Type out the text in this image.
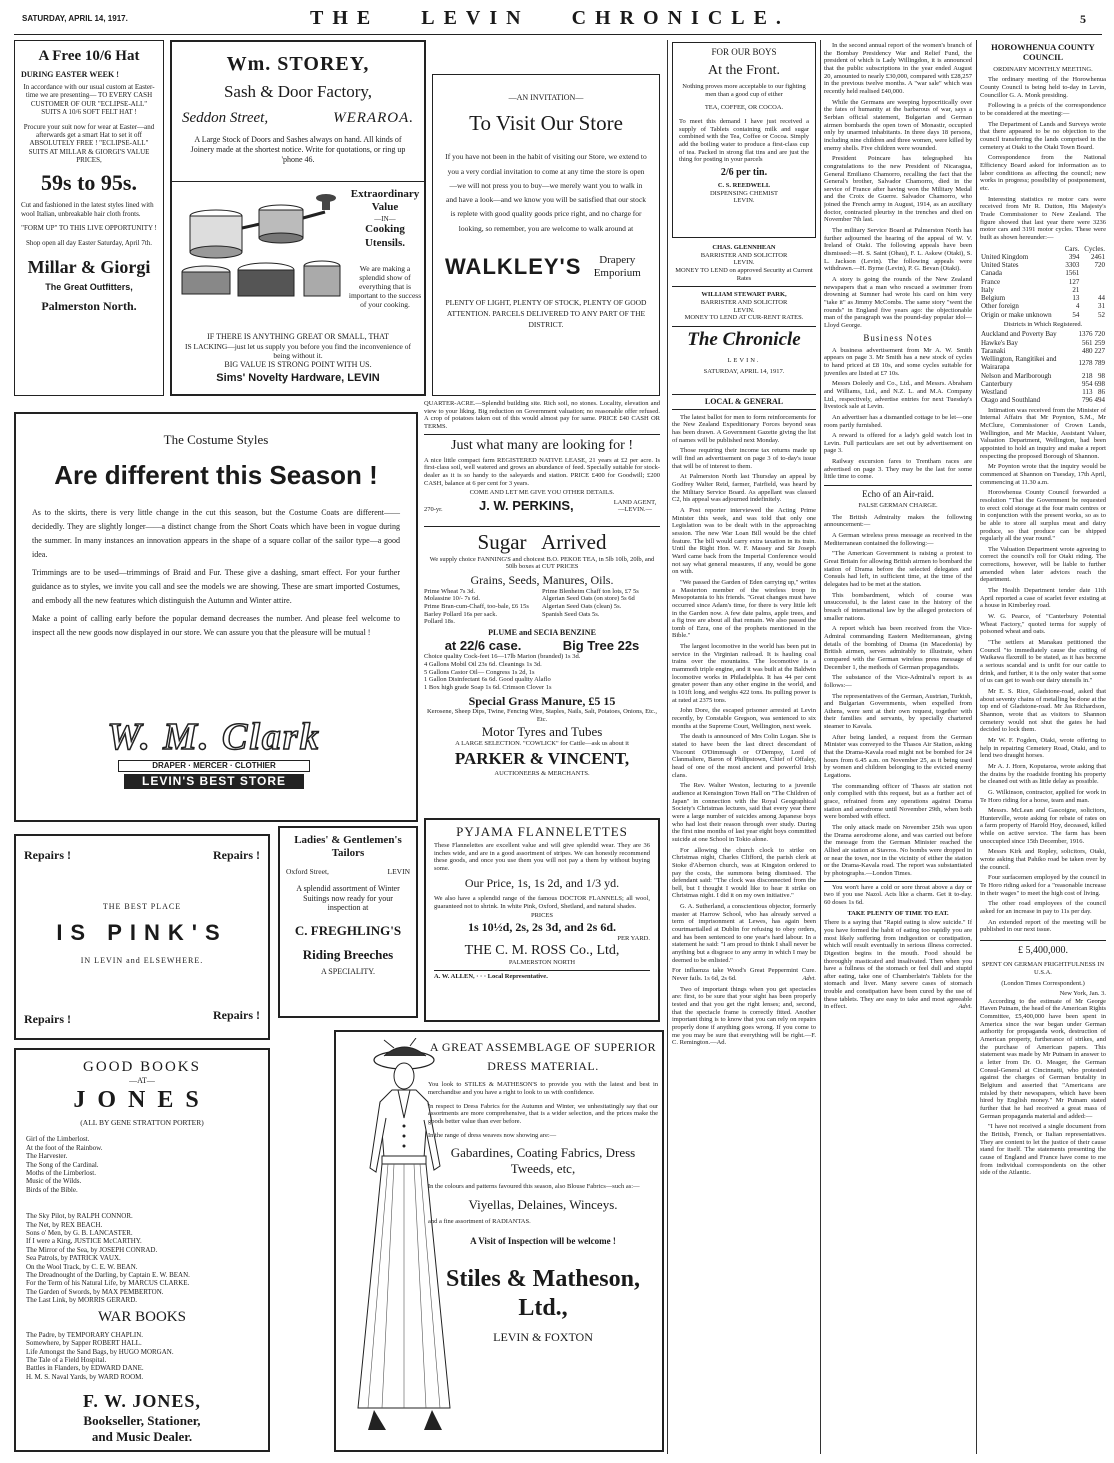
SATURDAY, APRIL 14, 1917.	THE   LEVIN   CHRONICLE.	5
A Free 10/6 Hat
DURING EASTER WEEK !
In accordance with our usual custom at Easter-time we are presenting— TO EVERY CASH CUSTOMER OF OUR "ECLIPSE-ALL" SUITS A 10/6 SOFT FELT HAT !
Procure your suit now for wear at Easter—and afterwards get a smart Hat to set it off ABSOLUTELY FREE ! "ECLIPSE-ALL" SUITS AT MILLAR & GIORGI'S VALUE PRICES,
59s to 95s.
Cut and fashioned in the latest styles lined with wool Italian, unbreakable hair cloth fronts.
"FORM UP" TO THIS LIVE OPPORTUNITY !
Shop open all day Easter Saturday, April 7th.
Millar & Giorgi
The Great Outfitters,
Palmerston North.
Wm. STOREY,
Sash & Door Factory,
Seddon Street,	WERAROA.
A Large Stock of Doors and Sashes always on hand. All kinds of Joinery made at the shortest notice. Write for quotations, or ring up 'phone 46.
Extraordinary
Value
—IN—
Cooking
Utensils.
We are making a splendid show of everything that is important to the success of your cooking.
IF THERE IS ANYTHING GREAT OR SMALL, THAT
IS LACKING—just let us supply you before you find the inconvenience of being without it.
BIG VALUE IS STRONG POINT WITH US.
Sims' Novelty Hardware, LEVIN
—AN INVITATION—
To Visit Our Store
If you have not been in the habit of visiting our Store, we extend to you a very cordial invitation to come at any time the store is open—we will not press you to buy—we merely want you to walk in and have a look—and we know you will be satisfied that our stock is replete with good quality goods price right, and no charge for looking, so remember, you are welcome to walk around at
WALKLEY'S	Drapery Emporium
PLENTY OF LIGHT, PLENTY OF STOCK, PLENTY OF GOOD ATTENTION. PARCELS DELIVERED TO ANY PART OF THE DISTRICT.
The Costume Styles
Are different this Season !

As to the skirts, there is very little change in the cut this season, but the Costume Coats are different——decidedly. They are slightly longer——a distinct change from the Short Coats which have been in vogue during the summer. In many instances an innovation appears in the shape of a square collar of the sailor type—a good idea.

Trimmings are to be used—trimmings of Braid and Fur. These give a dashing, smart effect. For your further guidance as to styles, we invite you call and see the models we are showing. These are smart imported Costumes, and embody all the new features which distinguish the Autumn and Winter attire.

Make a point of calling early before the popular demand decreases the number. And please feel welcome to inspect all the new goods now displayed in our store. We can assure you that the pleasure will be mutual !

W. M. Clark
DRAPER · MERCER · CLOTHIER
LEVIN'S BEST STORE
QUARTER-ACRE.—Splendid building site. Rich soil, no stones. Locality, elevation and view to your liking. Big reduction on Government valuation; no reasonable offer refused. A crop of potatoes taken out of this would almost pay for same. PRICE £40 CASH OR TERMS.
Just what many are looking for !
A nice little compact farm REGISTERED NATIVE LEASE, 21 years at £2 per acre. Is first-class soil, well watered and grows an abundance of feed. Specially suitable for stock-dealer as it is so handy to the saleyards and station. PRICE £400 for Goodwill; £200 CASH, balance at 6 per cent for 3 years.
COME AND LET ME GIVE YOU OTHER DETAILS.
270-yr.	J. W. PERKINS,	LAND AGENT, —LEVIN.—
Sugar   Arrived
We supply choice FANNING'S and choicest B.O. PEKOE TEA, in 5lb 10lb, 20lb, and 50lb boxes at CUT PRICES
Grains, Seeds, Manures, Oils.
Prime Wheat 7s 3d.
Molassine 10/- 7s 6d.
Prime Bran-cum-Chaff, too-bale, £6 15s
Barley Pollard 16s per sack.
Pollard 18s.
Prime Blenheim Chaff ton lots, £7 5s
Algerian Seed Oats (on store) 5s 6d
Algerian Seed Oats (clean) 5s.
Spanish Seed Oats 5s.
PLUME and SECIA BENZINE
at 22/6 case.	Big Tree 22s
Choice quality Cock-feet 16—17lb Marion (branded) 1s 3d.
4 Gallons Mobil Oil 23s 6d. Cleanings 1s 3d.
5 Gallons Castor Oil— Congress 1s 2d, 1s
1 Gallon Disinfectant 6s 6d. Good quality Alaflo
1 Box high grade Soap 1s 6d. Crimson Clover 1s
Special Grass Manure, £5 15
Kerosene, Sheep Dips, Twine, Fencing Wire, Staples, Nails, Salt, Potatoes, Onions, Etc., Etc.
Motor Tyres and Tubes
A LARGE SELECTION. "COWLICK" for Cattle—ask us about it
PARKER & VINCENT,
AUCTIONEERS & MERCHANTS.
PYJAMA FLANNELETTES
These Flannelettes are excellent value and will give splendid wear. They are 36 inches wide, and are in a good assortment of stripes. We can honestly recommend these goods, and once you use them you will not pay a them by without buying some.
Our Price, 1s, 1s 2d, and 1/3 yd.
We also have a splendid range of the famous DOCTOR FLANNELS; all wool, guaranteed not to shrink. In white Pink, Oxford, Shetland, and natural shades.
PRICES
1s 10½d, 2s, 2s 3d, and 2s 6d.
PER YARD.
THE C. M. ROSS Co., Ltd,
PALMERSTON NORTH
A. W. ALLEN, · · · Local Representative.
Repairs !	Repairs !
THE BEST PLACE
IS PINK'S
IN LEVIN and ELSEWHERE.
Repairs !	Repairs !
Ladies' & Gentlemen's Tailors
Oxford Street,	LEVIN
A splendid assortment of Winter Suitings now ready for your inspection at
C. FREGHLING'S
Riding Breeches
A SPECIALITY.
GOOD BOOKS
—AT—
JONES
(ALL BY GENE STRATTON PORTER)
Girl of the Limberlost.
At the foot of the Rainbow.
The Harvester.
The Song of the Cardinal.
Moths of the Limberlost.
Music of the Wilds.
Birds of the Bible.
The Sky Pilot, by RALPH CONNOR.
The Net, by REX BEACH.
Sons o' Men, by G. B. LANCASTER.
If I were a King, JUSTICE McCARTHY.
The Mirror of the Sea, by JOSEPH CONRAD.
Sea Patrols, by PATRICK VAUX.
On the Wool Track, by C. E. W. BEAN.
The Dreadnought of the Darling, by Captain E. W. BEAN.
For the Term of his Natural Life, by MARCUS CLARKE.
The Garden of Swords, by MAX PEMBERTON.
The Last Link, by MORRIS GERARD.
WAR BOOKS
The Padre, by TEMPORARY CHAPLIN.
Somewhere, by Sapper ROBERT HALL.
Life Amongst the Sand Bags, by HUGO MORGAN.
The Tale of a Field Hospital.
Battles in Flanders, by EDWARD DANE.
H. M. S. Naval Yards, by WARD ROOM.
F. W. JONES,
Bookseller, Stationer,
and Music Dealer.
A GREAT ASSEMBLAGE OF SUPERIOR
DRESS MATERIAL.
You look to STILES & MATHESON'S to provide you with the latest and best in merchandise and you have a right to look to us with confidence.
In respect to Dress Fabrics for the Autumn and Winter, we unhesitatingly say that our assortments are more comprehensive, that is a wider selection, and the prices make the goods better value than ever before.
In the range of dress weaves now showing are:—
Gabardines, Coating Fabrics, Dress Tweeds, etc,
In the colours and patterns favoured this season, also Blouse Fabrics—such as:—
Viyellas, Delaines, Winceys.
and a fine assortment of RADIANTAS.
A Visit of Inspection will be welcome !
Stiles & Matheson,
Ltd.,
LEVIN & FOXTON
FOR OUR BOYS
At the Front.
Nothing proves more acceptable to our fighting men than a good cup of either
TEA, COFFEE, OR COCOA.
To meet this demand I have just received a supply of Tablets containing milk and sugar combined with the Tea, Coffee or Cocoa. Simply add the boiling water to produce a first-class cup of tea. Packed in strong flat tins and are just the thing for posting in your parcels
2/6 per tin.
C. S. REEDWELL
DISPENSING CHEMIST
LEVIN.
CHAS. GLENNHEAN
BARRISTER AND SOLICITOR
LEVIN.
MONEY TO LEND on approved Security at Current Rates
WILLIAM STEWART PARK,
BARRISTER AND SOLICITOR
LEVIN.
MONEY TO LEND AT CUR-RENT RATES.
The Chronicle
LEVIN.
SATURDAY, APRIL 14, 1917.
LOCAL & GENERAL

The latest ballot for men to form reinforcements for the New Zealand Expeditionary Forces beyond seas has been drawn. A Government Gazette giving the list of names will be published next Monday.

Those requiring their income tax returns made up will find an advertisement on page 3 of to-day's issue that will be of interest to them.

At Palmerston North last Thursday an appeal by Godfrey Walter Reid, farmer, Fairfield, was heard by the Military Service Board. As appellant was classed C2, his appeal was adjourned indefinitely.

A Post reporter interviewed the Acting Prime Minister this week, and was told that only one Legislation was to be dealt with in the approaching session. The new War Loan Bill would be the chief feature. The bill would carry extra taxation in its train. Until the Right Hon. W. F. Massey and Sir Joseph Ward came back from the Imperial Conference would not say what general measures, if any, would be gone on with.

"We passed the Garden of Eden carrying up," writes a Masterton member of the wireless troop in Mesopotamia to his friends. "Great changes must have occurred since Adam's time, for there is very little left in the Garden now. A few date palms, apple trees, and a fig tree are about all that remain. We also passed the tomb of Ezra, one of the prophets mentioned in the Bible."

The largest locomotive in the world has been put in service in the Virginian railroad. It is hauling coal trains over the mountains. The locomotive is a mammoth triple engine, and it was built at the Baldwin locomotive works in Philadelphia. It has 44 per cent greater power than any other engine in the world, and is 101ft long, and weighs 422 tons. Its pulling power is at rated at 2375 tons.

John Dore, the escaped prisoner arrested at Levin recently, by Constable Gregson, was sentenced to six months at the Supreme Court, Wellington, next week.

The death is announced of Mrs Colin Logan. She is stated to have been the last direct descendant of Viscount O'Dimmsagh or O'Dempsy, Lord of Clanmaliere, Baron of Philipstown, Chief of Offaley, head of one of the most ancient and powerful Irish clans.

The Rev. Walter Weston, lecturing to a juvenile audience at Kensington Town Hall on "The Children of Japan" in connection with the Royal Geographical Society's Christmas lectures, said that every year there were a large number of suicides among Japanese boys who had lost their reason through over study. During the first nine months of last year eight boys committed suicide at one School in Tokio alone.

For allowing the church clock to strike on Christmas night, Charles Clifford, the parish clerk at Stoke d'Abernon church, was at Kingston ordered to pay the costs, the summons being dismissed. The defendant said: "The clock was disconnected from the bell, but I thought I would like to hear it strike on Christmas night. I did it on my own initiative."

G. A. Sutherland, a conscientious objector, formerly master at Harrow School, who has already served a term of imprisonment at Lewes, has again been courtmartialled at Dublin for refusing to obey orders, and has been sentenced to one year's hard labour. In a statement he said: "I am proud to think I shall never be anything but a disgrace to any army in which I may be deemed to be enlisted."

For influenza take Wood's Great Peppermint Cure. Never fails. 1s 6d, 2s 6d.	Advt.

Two of important things when you get spectacles are: first, to be sure that your sight has been properly tested and that you get the right lenses; and, second, that the spectacle frame is correctly fitted. Another important thing is to know that you can rely on repairs properly done if anything goes wrong. If you come to me you may be sure that everything will be right.—F. C. Remington.—Ad.

In the second annual report of the women's branch of the Bombay Presidency War and Relief Fund, the president of which is Lady Willingdon, it is announced that the public subscriptions in the year ended August 20, amounted to nearly £30,000, compared with £28,257 in the previous twelve months. A "war sale" which was recently held realised £40,000.

While the Germans are weeping hypocritically over the fates of humanity at the barbarous of war, says a Serbian official statement, Bulgarian and German airmen bombards the open town of Monastir, occupied only by unarmed inhabitants. In three days 18 persons, including nine children and three women, were killed by enemy shells. Five children were wounded.

President Poincare has telegraphed his congratulations to the new President of Nicaragua, General Emiliano Chamorro, recalling the fact that the General's brother, Salvador Chamorro, died in the service of France after having won the Military Medal and the Croix de Guerre. Salvador Chamorro, who joined the French army in August, 1914, as an auxiliary doctor, contracted pleurisy in the trenches and died on November 7th last.

The military Service Board at Palmerston North has further adjourned the hearing of the appeal of W. V. Ireland of Otaki. The following appeals have been dismissed:—H. S. Saint (Ohau), F. L. Askew (Otaki), S. L. Jackson (Levin). The following appeals were withdrawn.—H. Byrne (Levin), P. G. Bevan (Otaki).

A story is going the rounds of the New Zealand newspapers that a man who rescued a swimmer from drowning at Sumner had wrote his card on him very "take it" as Jimmy McCombs. The same story "went the rounds" in England five years ago: the objectionable man of the paragraph was the pound-day popular idol—Lloyd George.

Business Notes

A business advertisement from Mr A. W. Smith appears on page 3. Mr Smith has a new stock of cycles to hand priced at £8 10s, and some cycles suitable for juveniles are listed at £7 10s.

Messrs Doleely and Co., Ltd., and Messrs. Abraham and Williams, Ltd., and N.Z. L. and M.A. Company Ltd., respectively, advertise entries for next Tuesday's livestock sale at Levin.

An advertiser has a dismantled cottage to be let—one room partly furnished.

A reward is offered for a lady's gold watch lost in Levin. Full particulars are set out by advertisement on page 3.

Railway excursion fares to Trentham races are advertised on page 3. They may be the last for some little time to come.

Echo of an Air-raid.
FALSE GERMAN CHARGE.

The British Admiralty makes the following announcement:—

A German wireless press message as received in the Mediterranean contained the following:—

"The American Government is raising a protest to Great Britain for allowing British airmen to bombard the station of Drama before the selected delegates and Consuls had left, in sufficient time, at the time of the delegates had to be met at the station.

This bombardment, which of course was unsuccessful, is the latest case in the history of the breach of international law by the alleged protectors of smaller nations.

A report which has been received from the Vice-Admiral commanding Eastern Mediterranean, giving details of the bombing of Drama (in Macedonia) by British airmen, serves admirably to illustrate, when compared with the German wireless press message of December 1, the methods of German propagandists.

The substance of the Vice-Admiral's report is as follows:—

The representatives of the German, Austrian, Turkish, and Bulgarian Governments, when expelled from Athens, were sent at their own request, together with their families and servants, by specially chartered steamer to Kavala.

After being landed, a request from the German Minister was conveyed to the Thasos Air Station, asking that the Drama-Kavala road might not be bombed for 24 hours from 6.45 a.m. on November 25, as it being used by women and children belonging to the evicted enemy Legations.

The commanding officer of Thasos air station not only complied with this request, but as a further act of grace, refrained from any operations against Drama station and aerodrome until November 29th, when both were bombed with effect.

The only attack made on November 25th was upon the Drama aerodrome alone, and was carried out before the message from the German Minister reached the Allied air station at Stavros. No bombs were dropped in or near the town, nor in the vicinity of either the station or the Drama-Kavala road. The report was substantiated by photographs.—London Times.

You won't have a cold or sore throat above a day or two if you use Nazol. Acts like a charm. Get it to-day. 60 doses 1s 6d.

TAKE PLENTY OF TIME TO EAT.
There is a saying that "Rapid eating is slow suicide." If you have formed the habit of eating too rapidly you are most likely suffering from indigestion or constipation, which will result eventually in serious illness corrected. Digestion begins in the mouth. Food should be thoroughly masticated and insalivated. Then when you have a fullness of the stomach or feel dull and stupid after eating, take one of Chamberlain's Tablets for the stomach and liver. Many severe cases of stomach trouble and constipation have been cured by the use of these tablets. They are easy to take and most agreeable in effect.	Advt.
HOROWHENUA COUNTY COUNCIL
ORDINARY MONTHLY MEETING.

The ordinary meeting of the Horowhenua County Council is being held to-day in Levin, Councillor G. A. Monk presiding.

Following is a précis of the correspondence to be considered at the meeting:—

The Department of Lands and Surveys wrote that there appeared to be no objection to the council transferring the lands comprised in the cemetery at Otaki to the Otaki Town Board.

Correspondence from the National Efficiency Board asked for information as to labor conditions as affecting the council; new works in progress; possibility of postponement, etc.

Interesting statistics re motor cars were received from Mr R. Dutton, His Majesty's Trade Commissioner to New Zealand. The figure showed that last year there were 3236 motor cars and 3191 motor cycles. These were built as shown hereunder:—

	Cars.	Cycles.
United Kingdom	394	2461
United States	3303	720
Canada	1561	
France	127	
Italy	21	
Belgium	13	44
Other foreign	4	31
Origin or make unknown	54	52
Districts in Which Registered.
Auckland and Poverty Bay	1376	720
Hawke's Bay	561	259
Taranaki	480	227
Wellington, Rangitikei and Wairarapa	1278	789
Nelson and Marlborough	218	98
Canterbury	954	698
Westland	113	86
Otago and Southland	796	494

Intimation was received from the Minister of Internal Affairs that Mr Poynton, S.M., Mr McClure, Commissioner of Crown Lands, Wellington, and Mr Mackie, Assistant Valuer, Valuation Department, Wellington, had been appointed to hold an inquiry and make a report respecting the proposed Borough of Shannon.

Mr Poynton wrote that the inquiry would be commenced at Shannon on Tuesday, 17th April, commencing at 11.30 a.m.

Horowhenua County Council forwarded a resolution "That the Government be requested to erect cold storage at the four main centres or in conjunction with the present works, so as to be able to store all surplus meat and dairy produce, so that produce can be shipped regularly all the year round."

The Valuation Department wrote agreeing to correct the council's roll for Otaki riding. The corrections, however, will be liable to further amended when later advices reach the department.

The Health Department tender date 11th April reported a case of scarlet fever existing at a house in Kimberley road.

W. G. Pearce, of "Canterbury Potential Wheat Factory," quoted terms for supply of poisoned wheat and oats.

"The settlers at Manakau petitioned the Council "to immediately cause the cutting of Waikawa flaxmill to be stated, as it has become a serious scandal and is unfit for our cattle to drink, and further, it is the only water that some of us can get to wash our dairy utensils in."

Mr E. S. Rice, Gladstone-road, asked that about seventy chains of metalling be done at the top end of Gladstone-road. Mr Jas Richardson, Shannon, wrote that as visitors to Shannon cemetery would not shut the gates he had decided to lock them.

Mr W. F. Fogden, Otaki, wrote offering to help in repairing Cemetery Road, Otaki, and to lend two draught horses.

Mr A. J. Horn, Koputaroa, wrote asking that the drains by the roadside fronting his property be cleaned out with as little delay as possible.

G. Wilkinson, contractor, applied for work in Te Horo riding for a horse, team and man.

Messrs. McLean and Gascoigne, solicitors, Hunterville, wrote asking for rebate of rates on a farm property of Harold Hoy, deceased, killed while on active service. The farm has been unoccupied since 15th December, 1916.

Messrs Kirk and Ropley, solicitors, Otaki, wrote asking that Pahiko road be taken over by the council.

Four surfacemen employed by the council in Te Horo riding asked for a "reasonable increase in their wages" to meet the high cost of living.

The other road employees of the council asked for an increase in pay to 11s per day.

An extended report of the meeting will be published in our next issue.

£ 5,400,000.
SPENT ON GERMAN FRIGHTFULNESS IN U.S.A.
(London Times Correspondent.)
New York, Jan. 3.

According to the estimate of Mr George Haven Putnam, the head of the American Rights Committee, £5,400,000 have been spent in America since the war began under German authority for propaganda work, destruction of American property, furtherance of strikes, and the purchase of American papers. This statement was made by Mr Putnam in answer to a letter from Dr. O. Meager, the German Consul-General at Cincinnatti, who protested against the charges of German brutality in Belgium and asserted that "Americans are misled by their newspapers, which have been hired by English money." Mr Putnam stated further that he had received a great mass of German propaganda material and added:—

"I have not received a single document from the British, French, or Italian representatives. They are content to let the justice of their cause stand for itself. The statements presenting the cause of England and France have come to me from individual correspondents on the other side of the Atlantic.
